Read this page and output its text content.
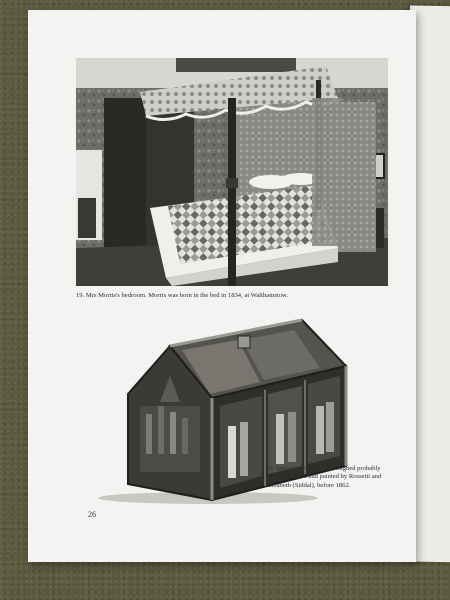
19. Mrs Morris's bedroom. Morris was born in the bed in 1834, at Walthamstow.

20. Janey's jewel casket, designed probably by Philip Webb and painted by Rossetti and Elizabeth (Siddal), before 1862.

26
